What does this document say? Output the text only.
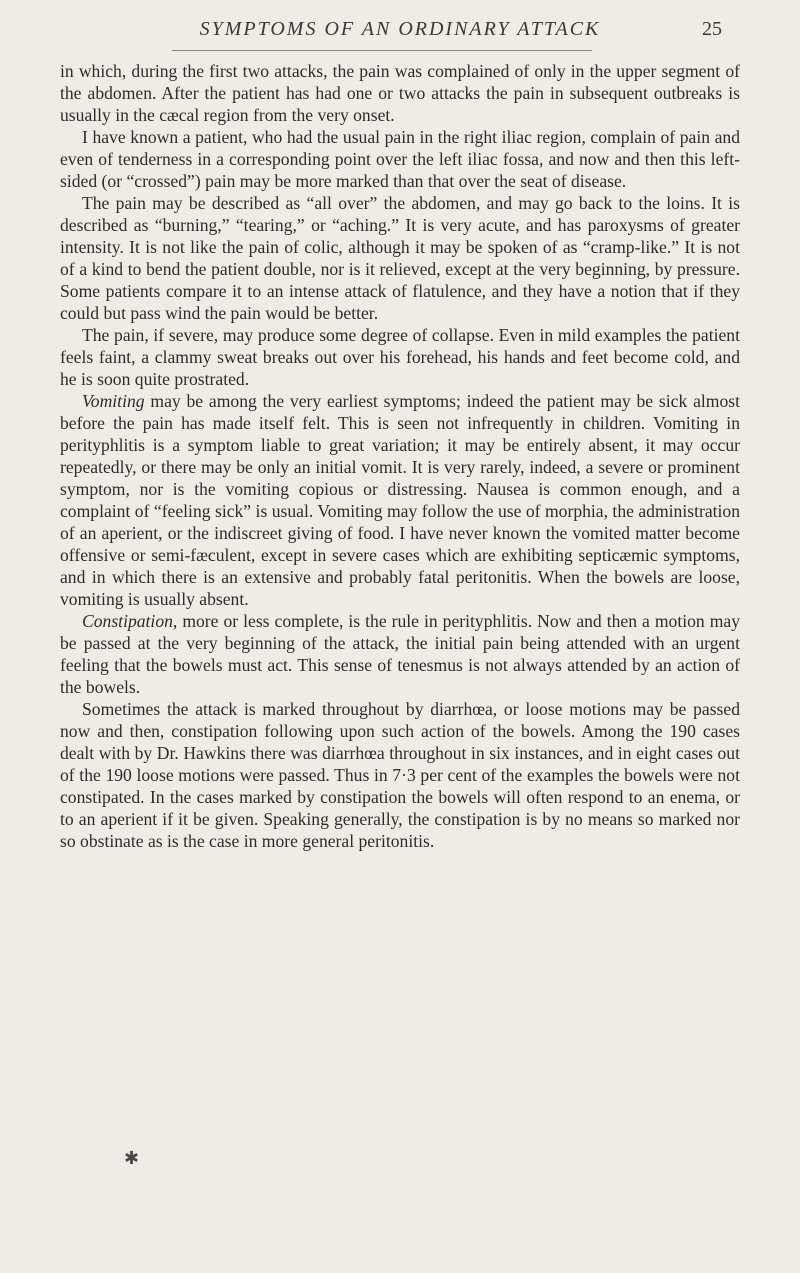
SYMPTOMS OF AN ORDINARY ATTACK	25

in which, during the first two attacks, the pain was complained of only in the upper segment of the abdomen. After the patient has had one or two attacks the pain in subsequent outbreaks is usually in the cæcal region from the very onset.

I have known a patient, who had the usual pain in the right iliac region, complain of pain and even of tenderness in a corresponding point over the left iliac fossa, and now and then this left-sided (or “crossed”) pain may be more marked than that over the seat of disease.

The pain may be described as “all over” the abdomen, and may go back to the loins. It is described as “burning,” “tearing,” or “aching.” It is very acute, and has paroxysms of greater intensity. It is not like the pain of colic, although it may be spoken of as “cramp-like.” It is not of a kind to bend the patient double, nor is it relieved, except at the very beginning, by pressure. Some patients compare it to an intense attack of flatulence, and they have a notion that if they could but pass wind the pain would be better.

The pain, if severe, may produce some degree of collapse. Even in mild examples the patient feels faint, a clammy sweat breaks out over his forehead, his hands and feet become cold, and he is soon quite prostrated.

Vomiting may be among the very earliest symptoms; indeed the patient may be sick almost before the pain has made itself felt. This is seen not infrequently in children. Vomiting in perityphlitis is a symptom liable to great variation; it may be entirely absent, it may occur repeatedly, or there may be only an initial vomit. It is very rarely, indeed, a severe or prominent symptom, nor is the vomiting copious or distressing. Nausea is common enough, and a complaint of “feeling sick” is usual. Vomiting may follow the use of morphia, the administration of an aperient, or the indiscreet giving of food. I have never known the vomited matter become offensive or semi-fæculent, except in severe cases which are exhibiting septicæmic symptoms, and in which there is an extensive and probably fatal peritonitis. When the bowels are loose, vomiting is usually absent.

Constipation, more or less complete, is the rule in perityphlitis. Now and then a motion may be passed at the very beginning of the attack, the initial pain being attended with an urgent feeling that the bowels must act. This sense of tenesmus is not always attended by an action of the bowels.

Sometimes the attack is marked throughout by diarrhœa, or loose motions may be passed now and then, constipation following upon such action of the bowels. Among the 190 cases dealt with by Dr. Hawkins there was diarrhœa throughout in six instances, and in eight cases out of the 190 loose motions were passed. Thus in 7·3 per cent of the examples the bowels were not constipated. In the cases marked by constipation the bowels will often respond to an enema, or to an aperient if it be given. Speaking generally, the constipation is by no means so marked nor so obstinate as is the case in more general peritonitis.

✱
